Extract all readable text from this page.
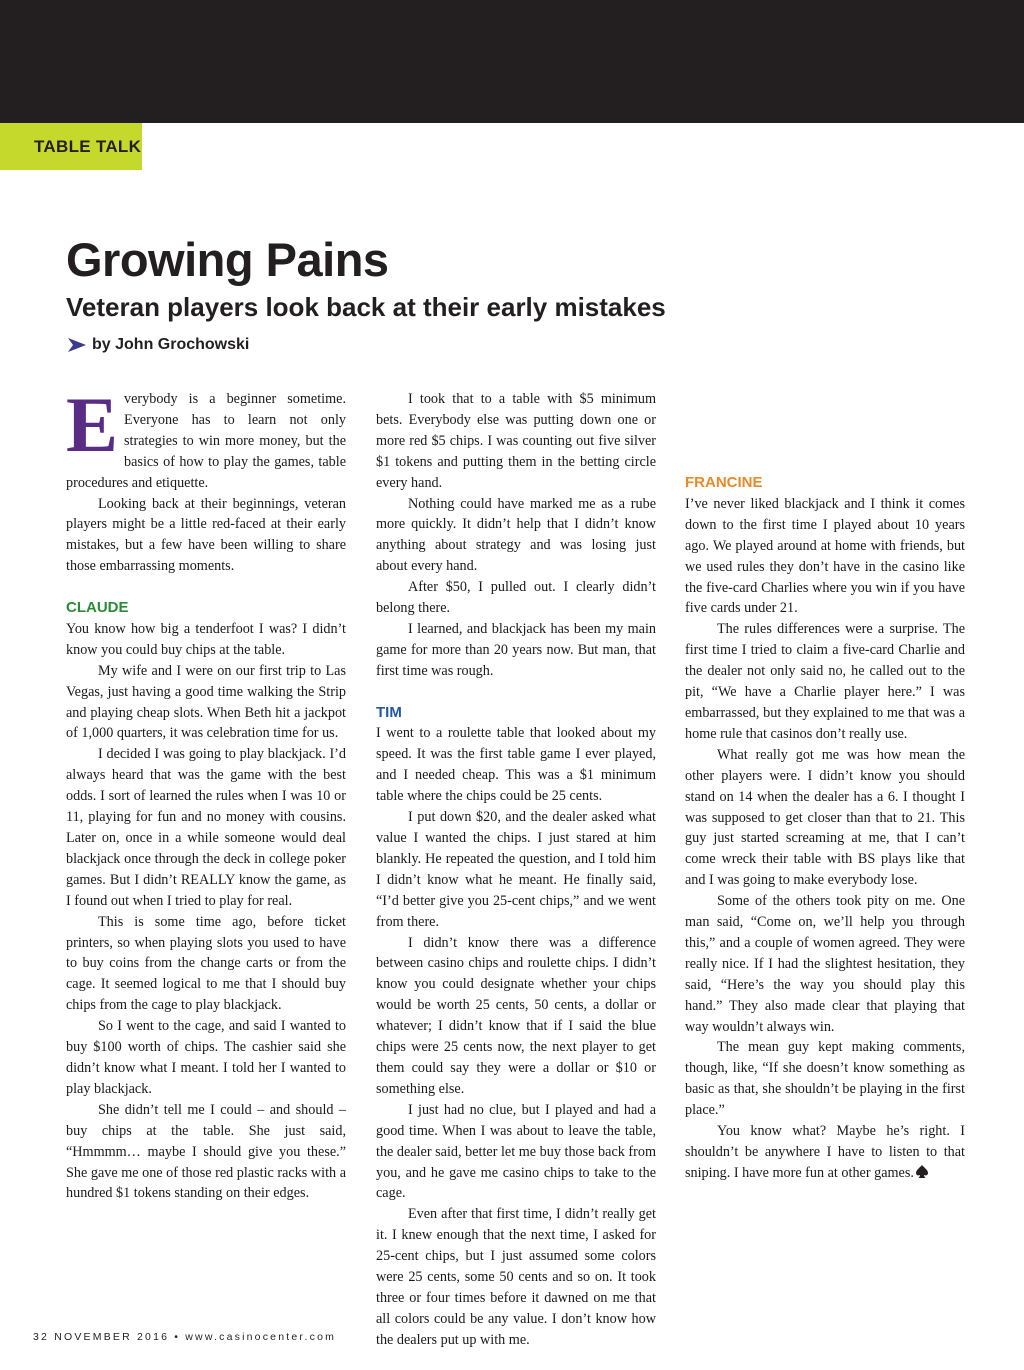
TABLE TALK
Growing Pains
Veteran players look back at their early mistakes
by John Grochowski

Everybody is a beginner sometime. Everyone has to learn not only strategies to win more money, but the basics of how to play the games, table procedures and etiquette.

Looking back at their beginnings, veteran players might be a little red-faced at their early mistakes, but a few have been willing to share those embarrassing moments.

CLAUDE

You know how big a tenderfoot I was? I didn’t know you could buy chips at the table.

My wife and I were on our first trip to Las Vegas, just having a good time walking the Strip and playing cheap slots. When Beth hit a jackpot of 1,000 quarters, it was celebration time for us.

I decided I was going to play blackjack. I’d always heard that was the game with the best odds. I sort of learned the rules when I was 10 or 11, playing for fun and no money with cousins. Later on, once in a while someone would deal blackjack once through the deck in college poker games. But I didn’t REALLY know the game, as I found out when I tried to play for real.

This is some time ago, before ticket printers, so when playing slots you used to have to buy coins from the change carts or from the cage. It seemed logical to me that I should buy chips from the cage to play blackjack.

So I went to the cage, and said I wanted to buy $100 worth of chips. The cashier said she didn’t know what I meant. I told her I wanted to play blackjack.

She didn’t tell me I could – and should – buy chips at the table. She just said, “Hmmmm… maybe I should give you these.” She gave me one of those red plastic racks with a hundred $1 tokens standing on their edges.

I took that to a table with $5 minimum bets. Everybody else was putting down one or more red $5 chips. I was counting out five silver $1 tokens and putting them in the betting circle every hand.

Nothing could have marked me as a rube more quickly. It didn’t help that I didn’t know anything about strategy and was losing just about every hand.

After $50, I pulled out. I clearly didn’t belong there.

I learned, and blackjack has been my main game for more than 20 years now. But man, that first time was rough.

TIM

I went to a roulette table that looked about my speed. It was the first table game I ever played, and I needed cheap. This was a $1 minimum table where the chips could be 25 cents.

I put down $20, and the dealer asked what value I wanted the chips. I just stared at him blankly. He repeated the question, and I told him I didn’t know what he meant. He finally said, “I’d better give you 25-cent chips,” and we went from there.

I didn’t know there was a difference between casino chips and roulette chips. I didn’t know you could designate whether your chips would be worth 25 cents, 50 cents, a dollar or whatever; I didn’t know that if I said the blue chips were 25 cents now, the next player to get them could say they were a dollar or $10 or something else.

I just had no clue, but I played and had a good time. When I was about to leave the table, the dealer said, better let me buy those back from you, and he gave me casino chips to take to the cage.

Even after that first time, I didn’t really get it. I knew enough that the next time, I asked for 25-cent chips, but I just assumed some colors were 25 cents, some 50 cents and so on. It took three or four times before it dawned on me that all colors could be any value. I don’t know how the dealers put up with me.

FRANCINE

I’ve never liked blackjack and I think it comes down to the first time I played about 10 years ago. We played around at home with friends, but we used rules they don’t have in the casino like the five-card Charlies where you win if you have five cards under 21.

The rules differences were a surprise. The first time I tried to claim a five-card Charlie and the dealer not only said no, he called out to the pit, “We have a Charlie player here.” I was embarrassed, but they explained to me that was a home rule that casinos don’t really use.

What really got me was how mean the other players were. I didn’t know you should stand on 14 when the dealer has a 6. I thought I was supposed to get closer than that to 21. This guy just started screaming at me, that I can’t come wreck their table with BS plays like that and I was going to make everybody lose.

Some of the others took pity on me. One man said, “Come on, we’ll help you through this,” and a couple of women agreed. They were really nice. If I had the slightest hesitation, they said, “Here’s the way you should play this hand.” They also made clear that playing that way wouldn’t always win.

The mean guy kept making comments, though, like, “If she doesn’t know something as basic as that, she shouldn’t be playing in the first place.”

You know what? Maybe he’s right. I shouldn’t be anywhere I have to listen to that sniping. I have more fun at other games.

32 NOVEMBER 2016 • www.casinocenter.com
